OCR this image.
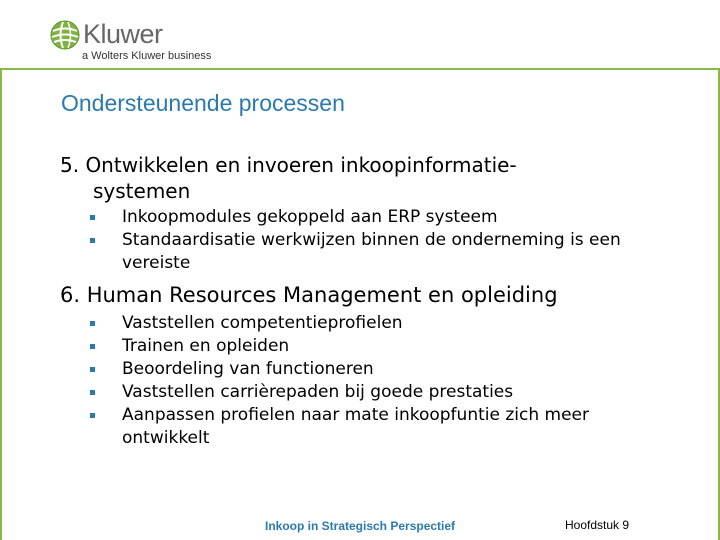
Kluwer
a Wolters Kluwer business
Ondersteunende processen
5. Ontwikkelen en invoeren inkoopinformatie-
systemen
Inkoopmodules gekoppeld aan ERP systeem
Standaardisatie werkwijzen binnen de onderneming is een vereiste
6. Human Resources Management en opleiding
Vaststellen competentieprofielen
Trainen en opleiden
Beoordeling van functioneren
Vaststellen carrièrepaden bij goede prestaties
Aanpassen profielen naar mate inkoopfuntie zich meer ontwikkelt
Inkoop in Strategisch Perspectief	Hoofdstuk 9
